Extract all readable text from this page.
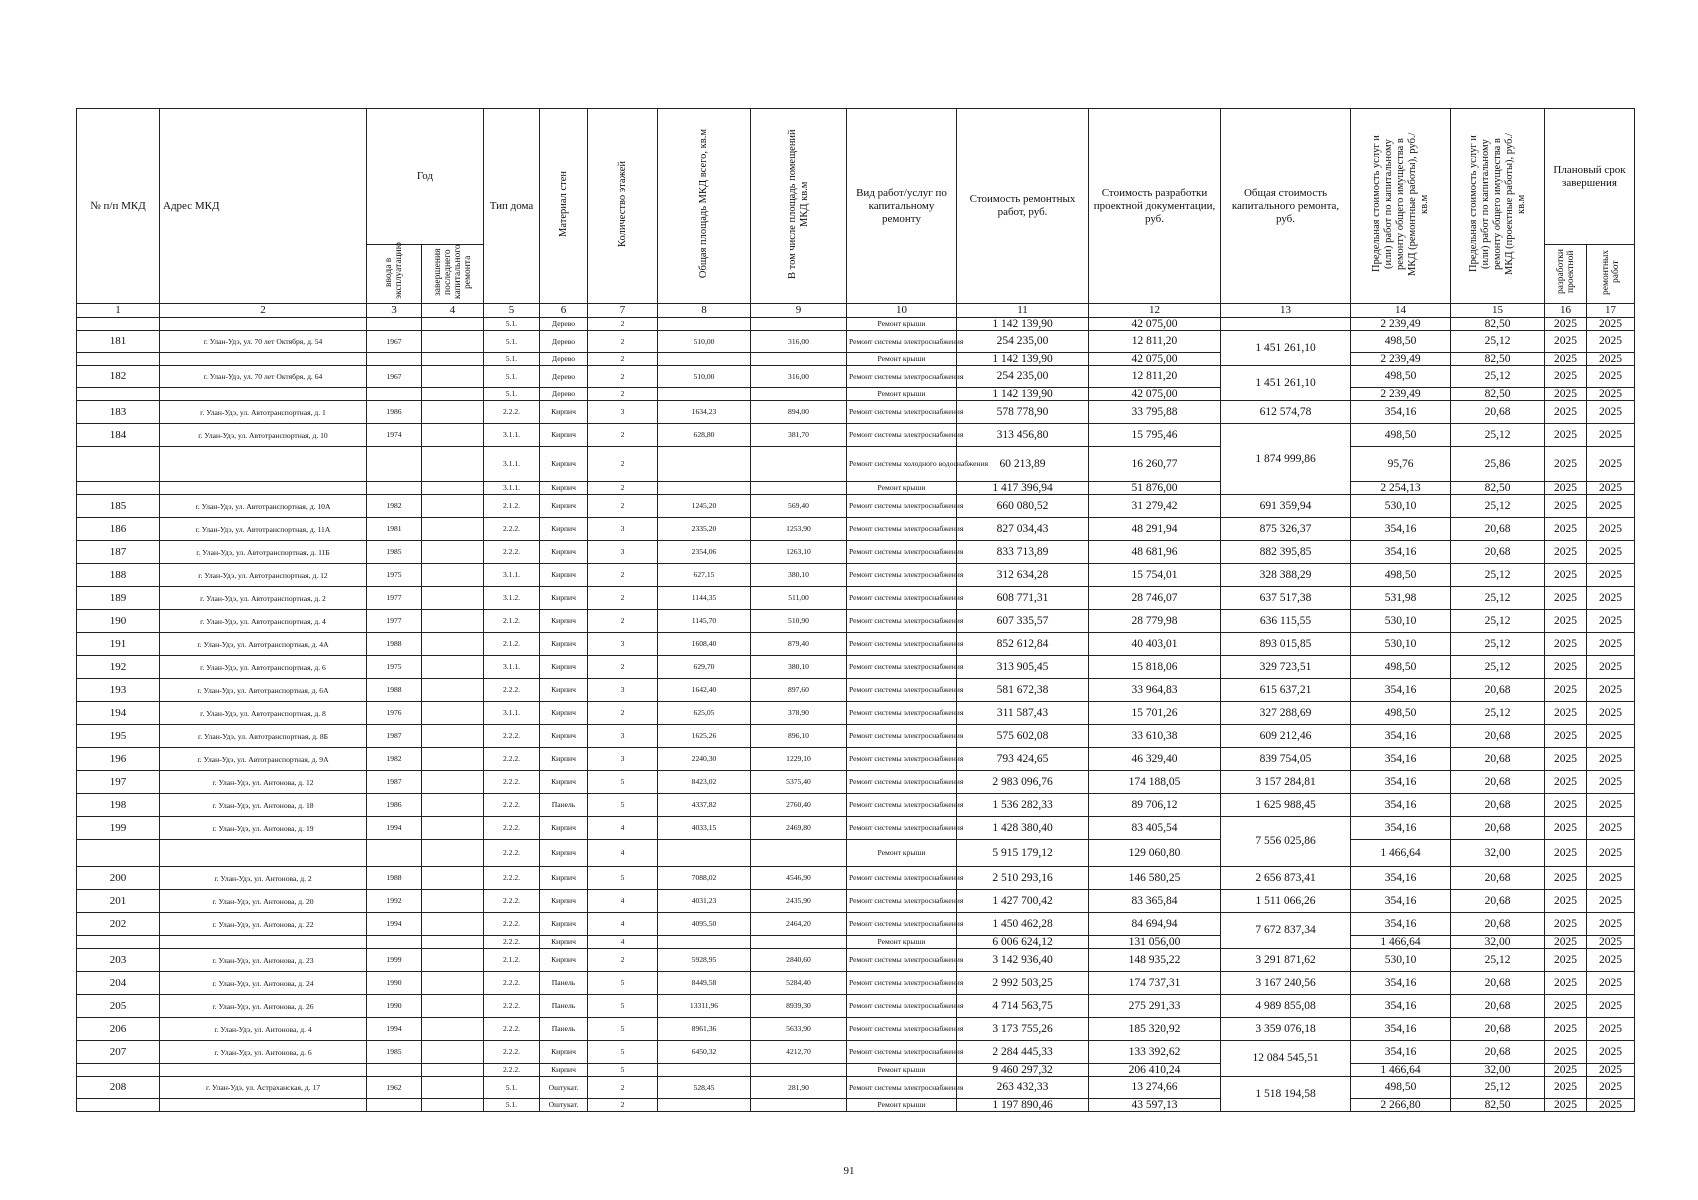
№ п/п МКД	Адрес МКД	Год		Тип дома	Материал стен	Количество этажей	Общая площадь МКД всего, кв.м	В том числе площадь помещений МКД кв.м	Вид работ/услуг по капитальному ремонту	Стоимость ремонтных работ, руб.	Стоимость разработки проектной документации, руб.	Общая стоимость капитального ремонта, руб.	Предельная стоимость услуг и (или) работ по капитальному ремонту общего имущества в МКД (ремонтные работы), руб./кв.м	Предельная стоимость услуг и (или) работ по капитальному ремонту общего имущества в МКД (проектные работы), руб./кв.м	Плановый срок завершения	
		ввода в эксплуатацию	завершения последнего капитального ремонта												разработки проектной	ремонтных работ
1	2	3	4	5	6	7	8	9	10	11	12	13	14	15	16	17
				5.1.	Дерево	2			Ремонт крыши	1 142 139,90	42 075,00		2 239,49	82,50	2025	2025
181	г. Улан-Удэ, ул. 70 лет Октября, д. 54	1967		5.1.	Дерево	2	510,00	316,00	Ремонт системы электроснабжения	254 235,00	12 811,20	1 451 261,10	498,50	25,12	2025	2025
				5.1.	Дерево	2			Ремонт крыши	1 142 139,90	42 075,00		2 239,49	82,50	2025	2025
182	г. Улан-Удэ, ул. 70 лет Октября, д. 64	1967		5.1.	Дерево	2	510,00	316,00	Ремонт системы электроснабжения	254 235,00	12 811,20	1 451 261,10	498,50	25,12	2025	2025
				5.1.	Дерево	2			Ремонт крыши	1 142 139,90	42 075,00		2 239,49	82,50	2025	2025
183	г. Улан-Удэ, ул. Автотранспортная, д. 1	1986		2.2.2.	Кирпич	3	1634,23	894,00	Ремонт системы электроснабжения	578 778,90	33 795,88	612 574,78	354,16	20,68	2025	2025
184	г. Улан-Удэ, ул. Автотранспортная, д. 10	1974		3.1.1.	Кирпич	2	628,80	381,70	Ремонт системы электроснабжения	313 456,80	15 795,46	1 874 999,86	498,50	25,12	2025	2025
				3.1.1.	Кирпич	2			Ремонт системы холодного водоснабжения	60 213,89	16 260,77		95,76	25,86	2025	2025
				3.1.1.	Кирпич	2			Ремонт крыши	1 417 396,94	51 876,00		2 254,13	82,50	2025	2025
185	г. Улан-Удэ, ул. Автотранспортная, д. 10А	1982		2.1.2.	Кирпич	2	1245,20	569,40	Ремонт системы электроснабжения	660 080,52	31 279,42	691 359,94	530,10	25,12	2025	2025
186	г. Улан-Удэ, ул. Автотранспортная, д. 11А	1981		2.2.2.	Кирпич	3	2335,20	1253,90	Ремонт системы электроснабжения	827 034,43	48 291,94	875 326,37	354,16	20,68	2025	2025
187	г. Улан-Удэ, ул. Автотранспортная, д. 11Б	1985		2.2.2.	Кирпич	3	2354,06	1263,10	Ремонт системы электроснабжения	833 713,89	48 681,96	882 395,85	354,16	20,68	2025	2025
188	г. Улан-Удэ, ул. Автотранспортная, д. 12	1975		3.1.1.	Кирпич	2	627,15	380,10	Ремонт системы электроснабжения	312 634,28	15 754,01	328 388,29	498,50	25,12	2025	2025
189	г. Улан-Удэ, ул. Автотранспортная, д. 2	1977		3.1.2.	Кирпич	2	1144,35	511,00	Ремонт системы электроснабжения	608 771,31	28 746,07	637 517,38	531,98	25,12	2025	2025
190	г. Улан-Удэ, ул. Автотранспортная, д. 4	1977		2.1.2.	Кирпич	2	1145,70	510,90	Ремонт системы электроснабжения	607 335,57	28 779,98	636 115,55	530,10	25,12	2025	2025
191	г. Улан-Удэ, ул. Автотранспортная, д. 4А	1988		2.1.2.	Кирпич	3	1608,40	879,40	Ремонт системы электроснабжения	852 612,84	40 403,01	893 015,85	530,10	25,12	2025	2025
192	г. Улан-Удэ, ул. Автотранспортная, д. 6	1975		3.1.1.	Кирпич	2	629,70	380,10	Ремонт системы электроснабжения	313 905,45	15 818,06	329 723,51	498,50	25,12	2025	2025
193	г. Улан-Удэ, ул. Автотранспортная, д. 6А	1988		2.2.2.	Кирпич	3	1642,40	897,60	Ремонт системы электроснабжения	581 672,38	33 964,83	615 637,21	354,16	20,68	2025	2025
194	г. Улан-Удэ, ул. Автотранспортная, д. 8	1976		3.1.1.	Кирпич	2	625,05	378,90	Ремонт системы электроснабжения	311 587,43	15 701,26	327 288,69	498,50	25,12	2025	2025
195	г. Улан-Удэ, ул. Автотранспортная, д. 8Б	1987		2.2.2.	Кирпич	3	1625,26	896,10	Ремонт системы электроснабжения	575 602,08	33 610,38	609 212,46	354,16	20,68	2025	2025
196	г. Улан-Удэ, ул. Автотранспортная, д. 9А	1982		2.2.2.	Кирпич	3	2240,30	1229,10	Ремонт системы электроснабжения	793 424,65	46 329,40	839 754,05	354,16	20,68	2025	2025
197	г. Улан-Удэ, ул. Антонова, д. 12	1987		2.2.2.	Кирпич	5	8423,02	5375,40	Ремонт системы электроснабжения	2 983 096,76	174 188,05	3 157 284,81	354,16	20,68	2025	2025
198	г. Улан-Удэ, ул. Антонова, д. 18	1986		2.2.2.	Панель	5	4337,82	2760,40	Ремонт системы электроснабжения	1 536 282,33	89 706,12	1 625 988,45	354,16	20,68	2025	2025
199	г. Улан-Удэ, ул. Антонова, д. 19	1994		2.2.2.	Кирпич	4	4033,15	2469,80	Ремонт системы электроснабжения	1 428 380,40	83 405,54	7 556 025,86	354,16	20,68	2025	2025
				2.2.2.	Кирпич	4			Ремонт крыши	5 915 179,12	129 060,80		1 466,64	32,00	2025	2025
200	г. Улан-Удэ, ул. Антонова, д. 2	1988		2.2.2.	Кирпич	5	7088,02	4546,90	Ремонт системы электроснабжения	2 510 293,16	146 580,25	2 656 873,41	354,16	20,68	2025	2025
201	г. Улан-Удэ, ул. Антонова, д. 20	1992		2.2.2.	Кирпич	4	4031,23	2435,90	Ремонт системы электроснабжения	1 427 700,42	83 365,84	1 511 066,26	354,16	20,68	2025	2025
202	г. Улан-Удэ, ул. Антонова, д. 22	1994		2.2.2.	Кирпич	4	4095,50	2464,20	Ремонт системы электроснабжения	1 450 462,28	84 694,94	7 672 837,34	354,16	20,68	2025	2025
				2.2.2.	Кирпич	4			Ремонт крыши	6 006 624,12	131 056,00		1 466,64	32,00	2025	2025
203	г. Улан-Удэ, ул. Антонова, д. 23	1999		2.1.2.	Кирпич	2	5928,95	2840,60	Ремонт системы электроснабжения	3 142 936,40	148 935,22	3 291 871,62	530,10	25,12	2025	2025
204	г. Улан-Удэ, ул. Антонова, д. 24	1990		2.2.2.	Панель	5	8449,58	5284,40	Ремонт системы электроснабжения	2 992 503,25	174 737,31	3 167 240,56	354,16	20,68	2025	2025
205	г. Улан-Удэ, ул. Антонова, д. 26	1990		2.2.2.	Панель	5	13311,96	8939,30	Ремонт системы электроснабжения	4 714 563,75	275 291,33	4 989 855,08	354,16	20,68	2025	2025
206	г. Улан-Удэ, ул. Антонова, д. 4	1994		2.2.2.	Панель	5	8961,36	5633,90	Ремонт системы электроснабжения	3 173 755,26	185 320,92	3 359 076,18	354,16	20,68	2025	2025
207	г. Улан-Удэ, ул. Антонова, д. 6	1985		2.2.2.	Кирпич	5	6450,32	4212,70	Ремонт системы электроснабжения	2 284 445,33	133 392,62	12 084 545,51	354,16	20,68	2025	2025
				2.2.2.	Кирпич	5			Ремонт крыши	9 460 297,32	206 410,24		1 466,64	32,00	2025	2025
208	г. Улан-Удэ, ул. Астраханская, д. 17	1962		5.1.	Оштукат.	2	528,45	281,90	Ремонт системы электроснабжения	263 432,33	13 274,66	1 518 194,58	498,50	25,12	2025	2025
				5.1.	Оштукат.	2			Ремонт крыши	1 197 890,46	43 597,13		2 266,80	82,50	2025	2025
91
